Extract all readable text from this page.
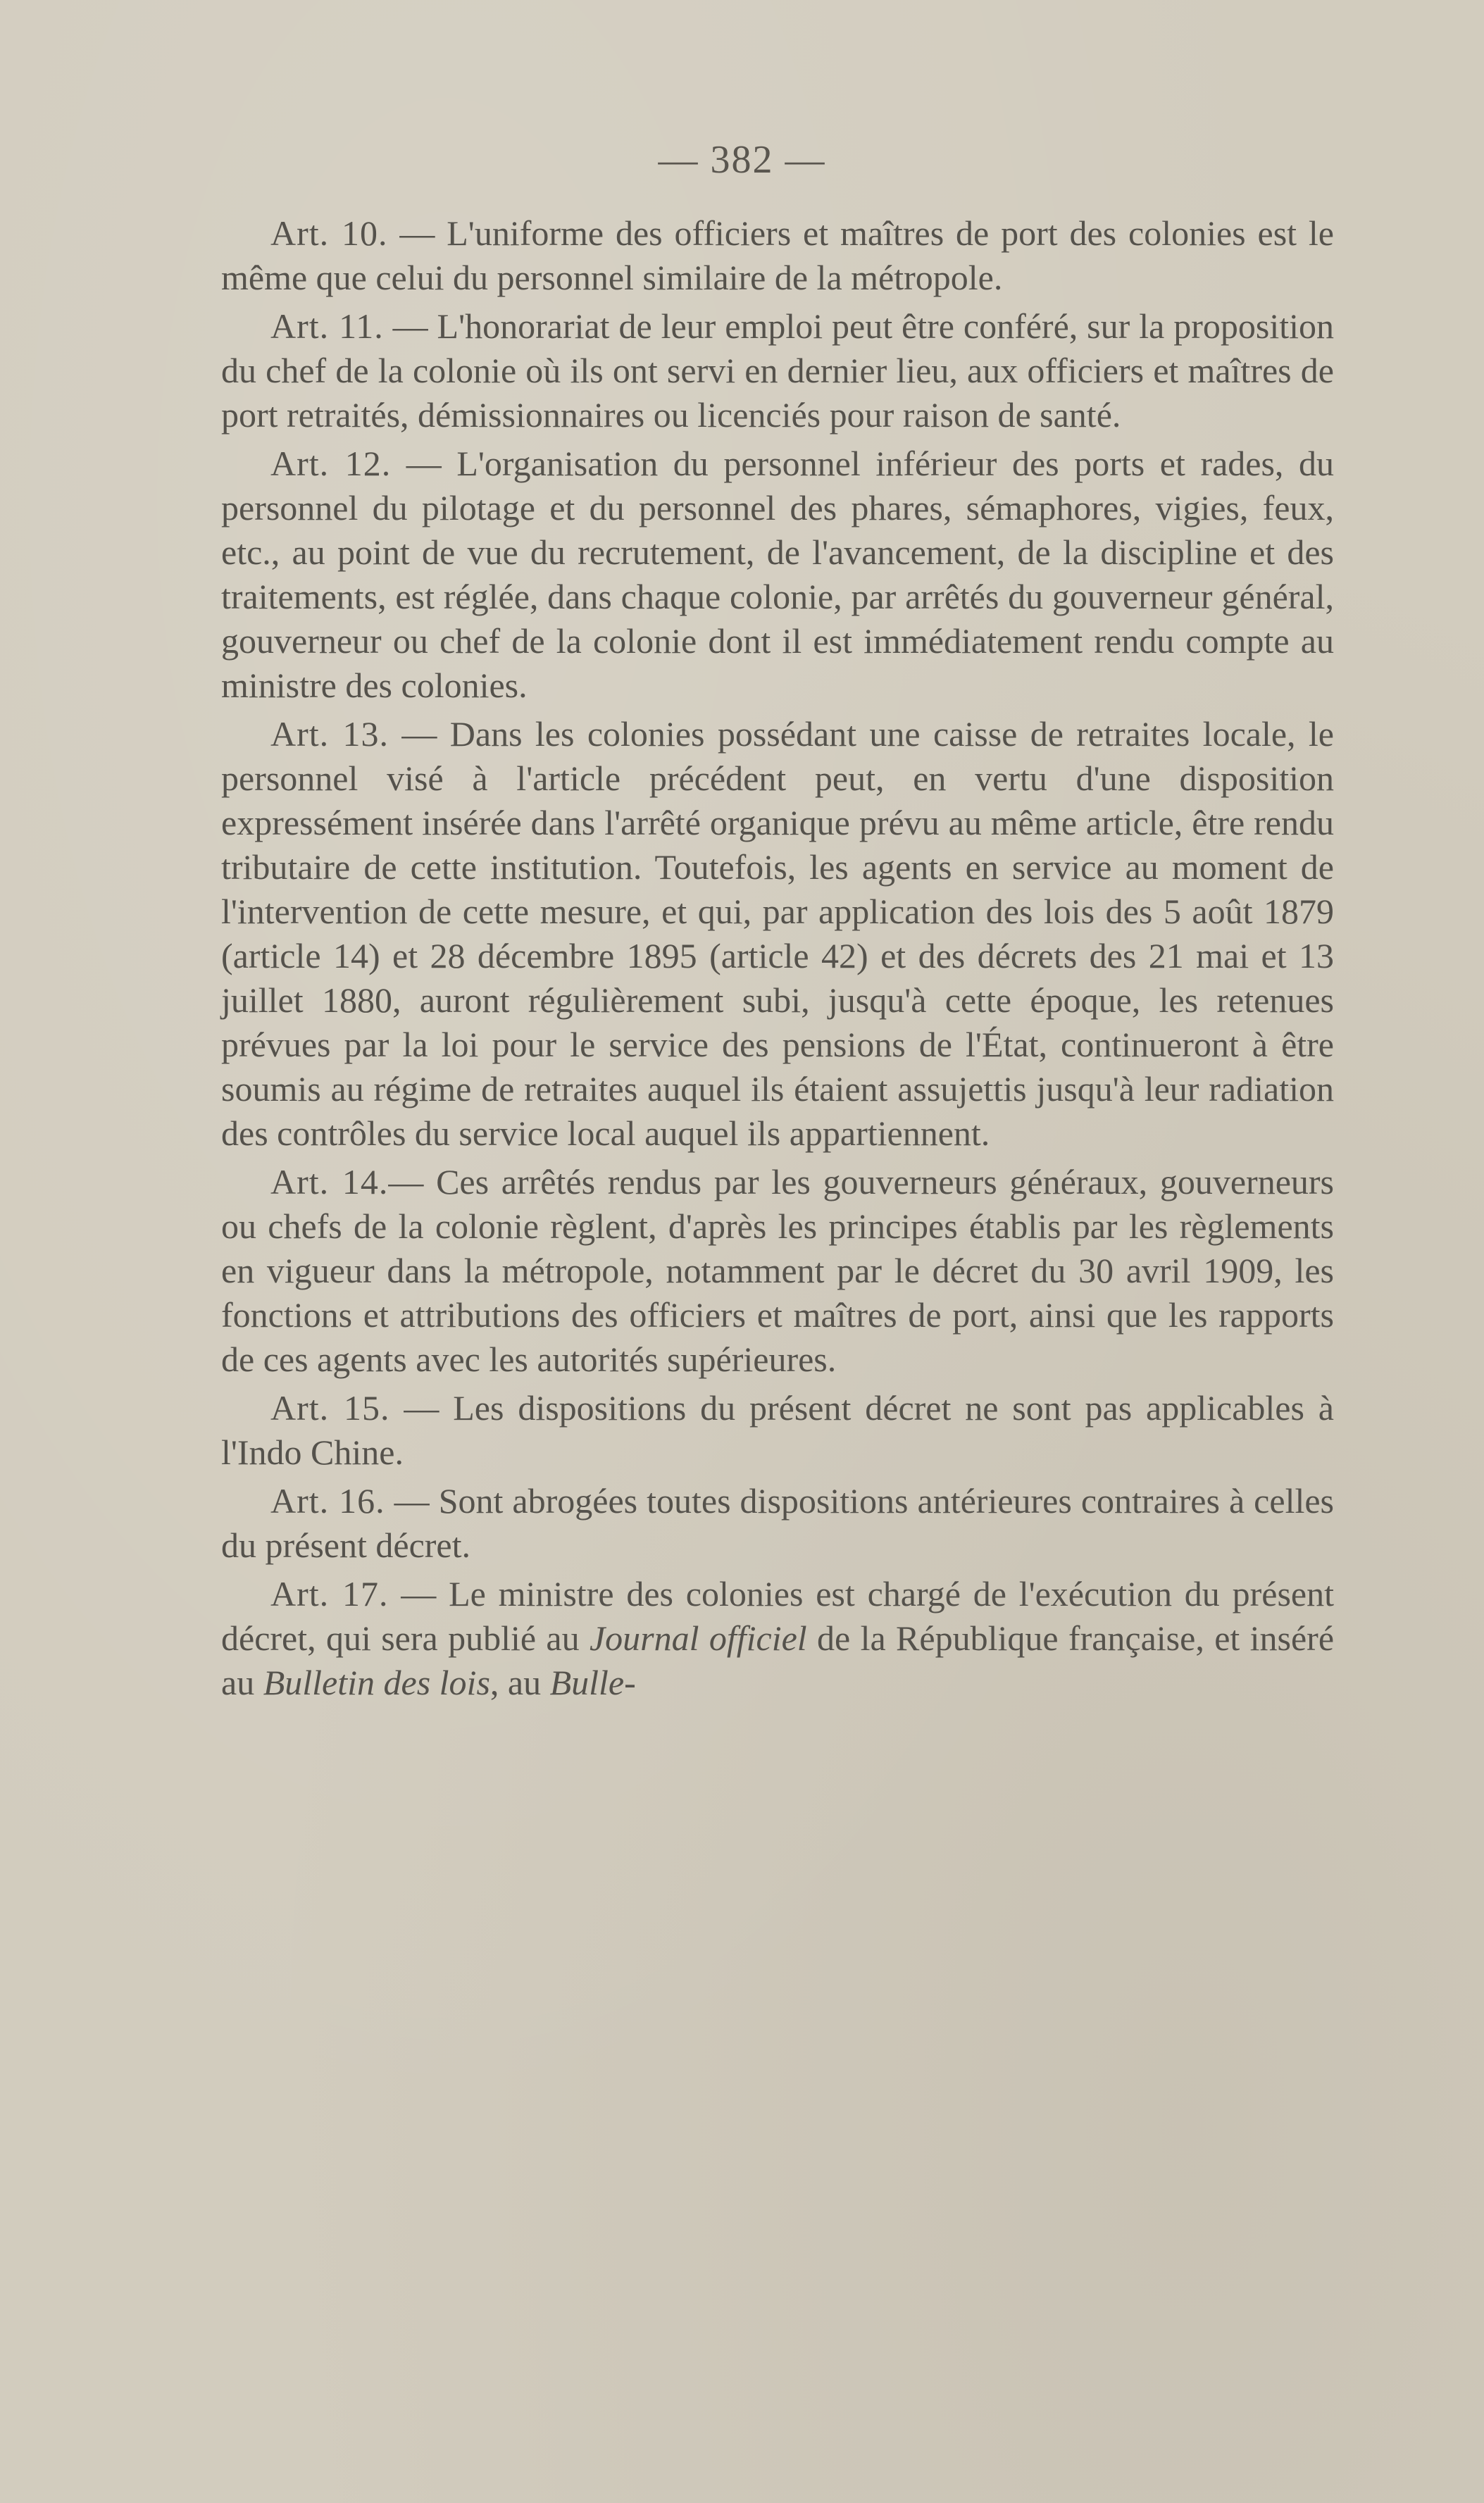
— 382 —

Art. 10. — L'uniforme des officiers et maîtres de port des colonies est le même que celui du personnel similaire de la métropole.

Art. 11. — L'honorariat de leur emploi peut être conféré, sur la proposition du chef de la colonie où ils ont servi en dernier lieu, aux officiers et maîtres de port retraités, démissionnaires ou licenciés pour raison de santé.

Art. 12. — L'organisation du personnel inférieur des ports et rades, du personnel du pilotage et du personnel des phares, sémaphores, vigies, feux, etc., au point de vue du recrutement, de l'avancement, de la discipline et des traitements, est réglée, dans chaque colonie, par arrêtés du gouverneur général, gouverneur ou chef de la colonie dont il est immédiatement rendu compte au ministre des colonies.

Art. 13. — Dans les colonies possédant une caisse de retraites locale, le personnel visé à l'article précédent peut, en vertu d'une disposition expressément insérée dans l'arrêté organique prévu au même article, être rendu tributaire de cette institution. Toutefois, les agents en service au moment de l'intervention de cette mesure, et qui, par application des lois des 5 août 1879 (article 14) et 28 décembre 1895 (article 42) et des décrets des 21 mai et 13 juillet 1880, auront régulièrement subi, jusqu'à cette époque, les retenues prévues par la loi pour le service des pensions de l'État, continueront à être soumis au régime de retraites auquel ils étaient assujettis jusqu'à leur radiation des contrôles du service local auquel ils appartiennent.

Art. 14.— Ces arrêtés rendus par les gouverneurs généraux, gouverneurs ou chefs de la colonie règlent, d'après les principes établis par les règlements en vigueur dans la métropole, notamment par le décret du 30 avril 1909, les fonctions et attributions des officiers et maîtres de port, ainsi que les rapports de ces agents avec les autorités supérieures.

Art. 15. — Les dispositions du présent décret ne sont pas applicables à l'Indo Chine.

Art. 16. — Sont abrogées toutes dispositions antérieures contraires à celles du présent décret.

Art. 17. — Le ministre des colonies est chargé de l'exécution du présent décret, qui sera publié au Journal officiel de la République française, et inséré au Bulletin des lois, au Bulle-
